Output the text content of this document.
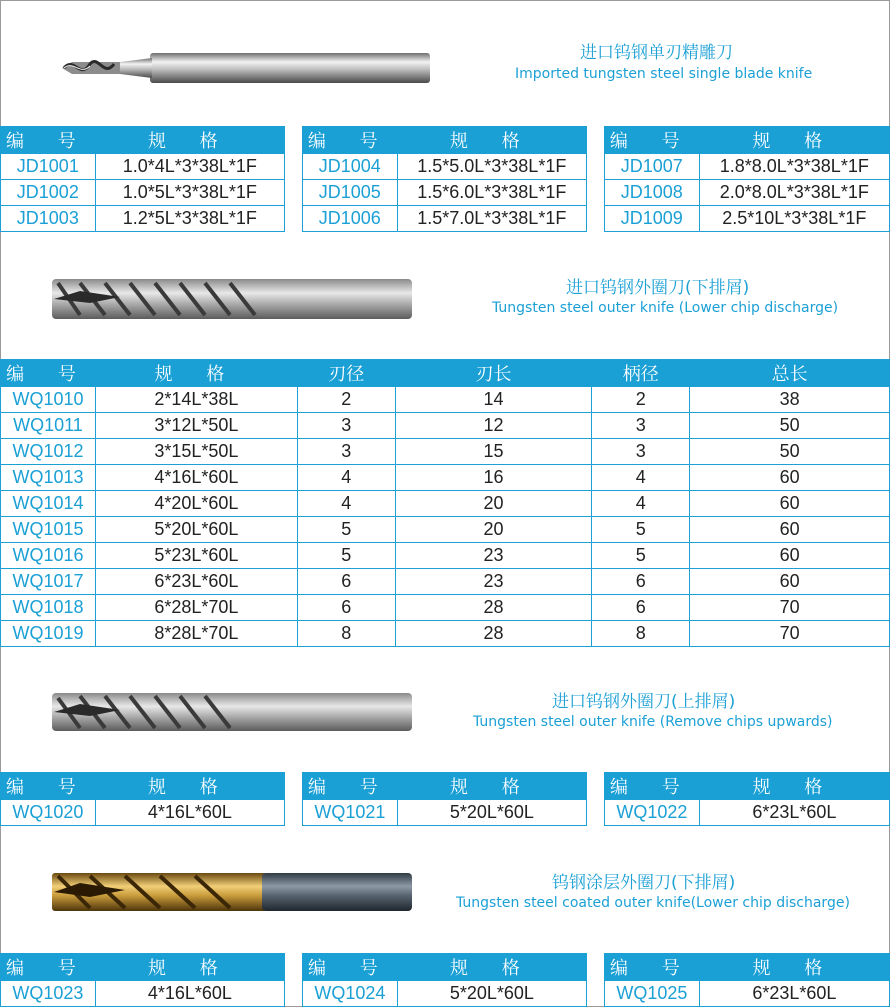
进口钨钢单刃精雕刀
Imported tungsten steel single blade knife
编 号	规 格
JD1001	1.0*4L*3*38L*1F
JD1002	1.0*5L*3*38L*1F
JD1003	1.2*5L*3*38L*1F
编 号	规 格
JD1004	1.5*5.0L*3*38L*1F
JD1005	1.5*6.0L*3*38L*1F
JD1006	1.5*7.0L*3*38L*1F
编 号	规 格
JD1007	1.8*8.0L*3*38L*1F
JD1008	2.0*8.0L*3*38L*1F
JD1009	2.5*10L*3*38L*1F
进口钨钢外圈刀(下排屑)
Tungsten steel outer knife (Lower chip discharge)
编 号	规 格	刃径	刃长	柄径	总长
WQ1010	2*14L*38L	2	14	2	38
WQ1011	3*12L*50L	3	12	3	50
WQ1012	3*15L*50L	3	15	3	50
WQ1013	4*16L*60L	4	16	4	60
WQ1014	4*20L*60L	4	20	4	60
WQ1015	5*20L*60L	5	20	5	60
WQ1016	5*23L*60L	5	23	5	60
WQ1017	6*23L*60L	6	23	6	60
WQ1018	6*28L*70L	6	28	6	70
WQ1019	8*28L*70L	8	28	8	70
进口钨钢外圈刀(上排屑)
Tungsten steel outer knife (Remove chips upwards)
编 号	规 格
WQ1020	4*16L*60L
编 号	规 格
WQ1021	5*20L*60L
编 号	规 格
WQ1022	6*23L*60L
钨钢涂层外圈刀(下排屑)
Tungsten steel coated outer knife(Lower chip discharge)
编 号	规 格
WQ1023	4*16L*60L
编 号	规 格
WQ1024	5*20L*60L
编 号	规 格
WQ1025	6*23L*60L
